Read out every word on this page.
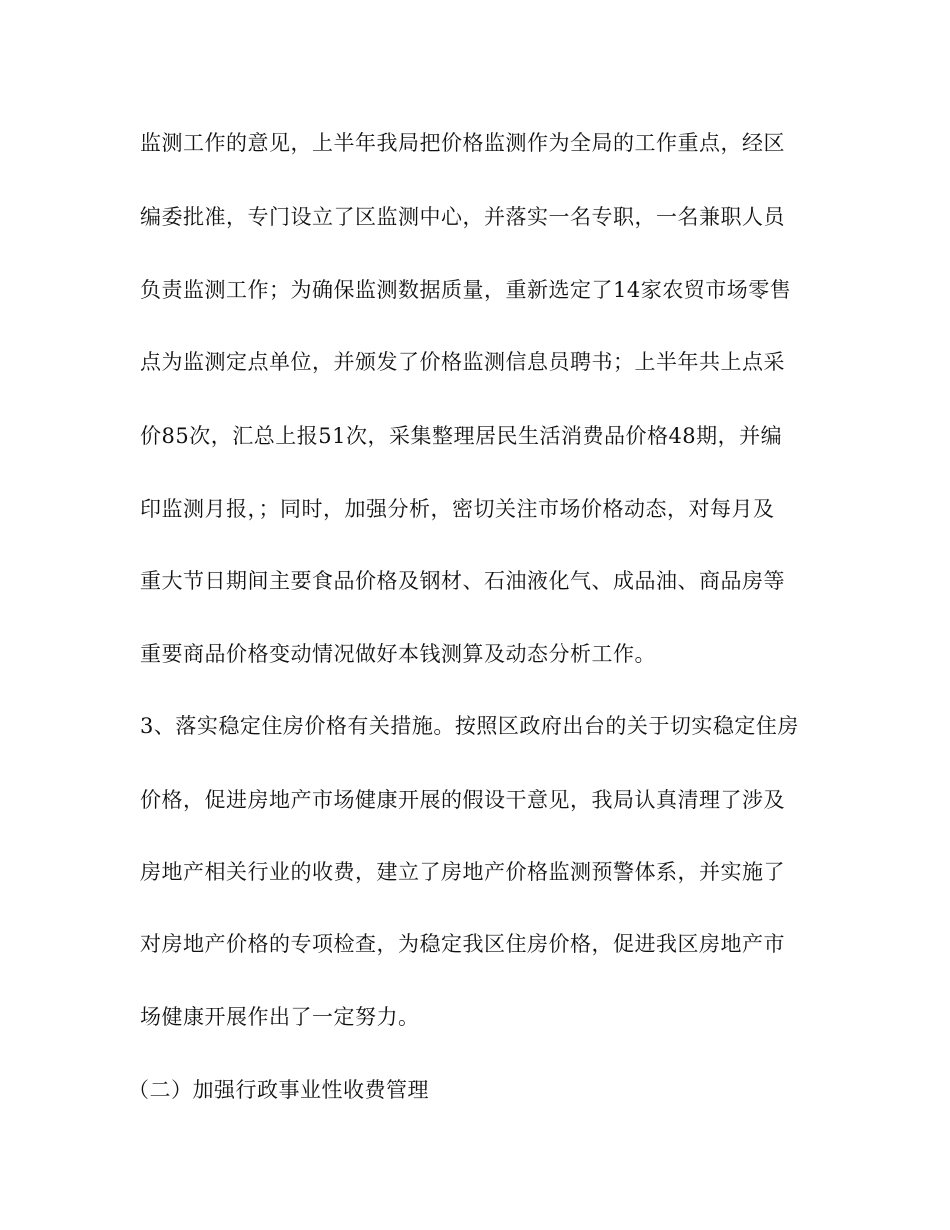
监测工作的意见，上半年我局把价格监测作为全局的工作重点，经区

编委批准，专门设立了区监测中心，并落实一名专职，一名兼职人员

负责监测工作；为确保监测数据质量，重新选定了14家农贸市场零售

点为监测定点单位，并颁发了价格监测信息员聘书；上半年共上点采

价85次，汇总上报51次，采集整理居民生活消费品价格48期，并编

印监测月报，；同时，加强分析，密切关注市场价格动态，对每月及

重大节日期间主要食品价格及钢材、石油液化气、成品油、商品房等

重要商品价格变动情况做好本钱测算及动态分析工作。

3、落实稳定住房价格有关措施。按照区政府出台的关于切实稳定住房

价格，促进房地产市场健康开展的假设干意见，我局认真清理了涉及

房地产相关行业的收费，建立了房地产价格监测预警体系，并实施了

对房地产价格的专项检查，为稳定我区住房价格，促进我区房地产市

场健康开展作出了一定努力。

（二）加强行政事业性收费管理
